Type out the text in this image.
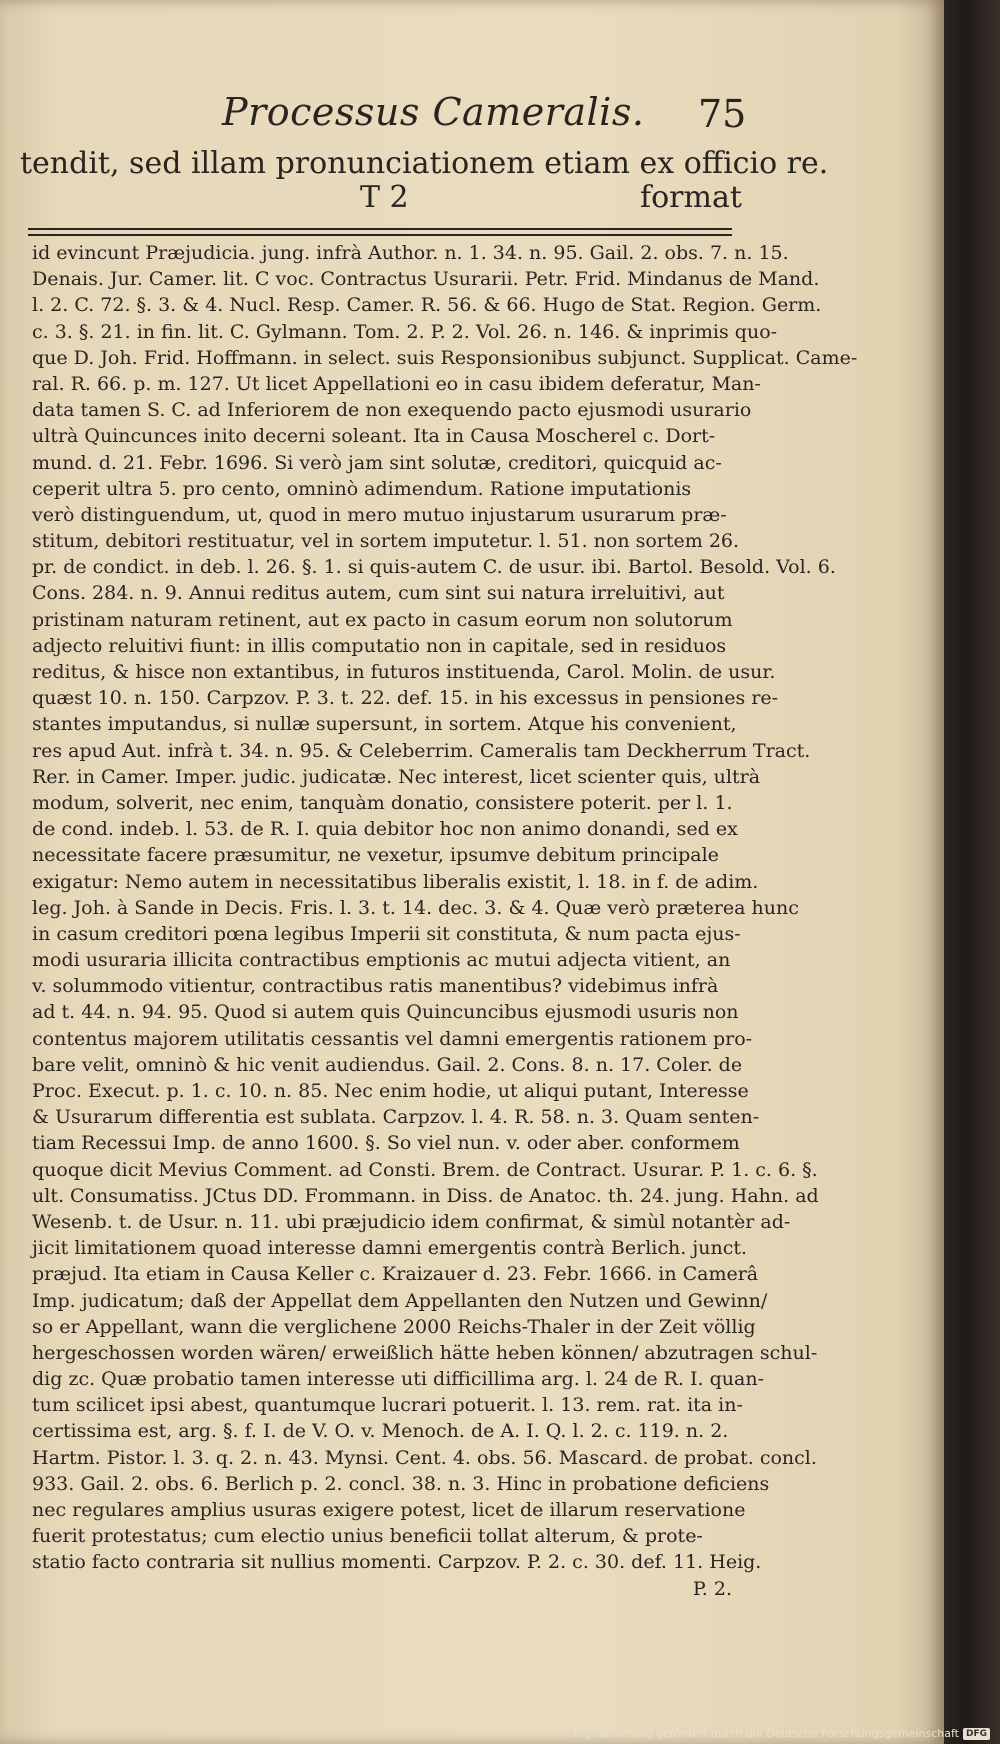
Processus Cameralis. 75
tendit, sed illam pronunciationem etiam ex officio re.
T 2	format
id evincunt Præjudicia. jung. infrà Author. n. 1. 34. n. 95. Gail. 2. obs. 7. n. 15.
Denais. Jur. Camer. lit. C voc. Contractus Usurarii. Petr. Frid. Mindanus de Mand.
l. 2. C. 72. §. 3. & 4. Nucl. Resp. Camer. R. 56. & 66. Hugo de Stat. Region. Germ.
c. 3. §. 21. in fin. lit. C. Gylmann. Tom. 2. P. 2. Vol. 26. n. 146. & inprimis quo-
que D. Joh. Frid. Hoffmann. in select. suis Responsionibus subjunct. Supplicat. Came-
ral. R. 66. p. m. 127. Ut licet Appellationi eo in casu ibidem deferatur, Man-
data tamen S. C. ad Inferiorem de non exequendo pacto ejusmodi usurario
ultrà Quincunces inito decerni soleant. Ita in Causa Moscherel c. Dort-
mund. d. 21. Febr. 1696. Si verò jam sint solutæ, creditori, quicquid ac-
ceperit ultra 5. pro cento, omninò adimendum. Ratione imputationis
verò distinguendum, ut, quod in mero mutuo injustarum usurarum præ-
stitum, debitori restituatur, vel in sortem imputetur. l. 51. non sortem 26.
pr. de condict. in deb. l. 26. §. 1. si quis-autem C. de usur. ibi. Bartol. Besold. Vol. 6.
Cons. 284. n. 9. Annui reditus autem, cum sint sui natura irreluitivi, aut
pristinam naturam retinent, aut ex pacto in casum eorum non solutorum
adjecto reluitivi fiunt: in illis computatio non in capitale, sed in residuos
reditus, & hisce non extantibus, in futuros instituenda, Carol. Molin. de usur.
quæst 10. n. 150. Carpzov. P. 3. t. 22. def. 15. in his excessus in pensiones re-
stantes imputandus, si nullæ supersunt, in sortem. Atque his convenient,
res apud Aut. infrà t. 34. n. 95. & Celeberrim. Cameralis tam Deckherrum Tract.
Rer. in Camer. Imper. judic. judicatæ. Nec interest, licet scienter quis, ultrà
modum, solverit, nec enim, tanquàm donatio, consistere poterit. per l. 1.
de cond. indeb. l. 53. de R. I. quia debitor hoc non animo donandi, sed ex
necessitate facere præsumitur, ne vexetur, ipsumve debitum principale
exigatur: Nemo autem in necessitatibus liberalis existit, l. 18. in f. de adim.
leg. Joh. à Sande in Decis. Fris. l. 3. t. 14. dec. 3. & 4. Quæ verò præterea hunc
in casum creditori pœna legibus Imperii sit constituta, & num pacta ejus-
modi usuraria illicita contractibus emptionis ac mutui adjecta vitient, an
v. solummodo vitientur, contractibus ratis manentibus? videbimus infrà
ad t. 44. n. 94. 95. Quod si autem quis Quincuncibus ejusmodi usuris non
contentus majorem utilitatis cessantis vel damni emergentis rationem pro-
bare velit, omninò & hic venit audiendus. Gail. 2. Cons. 8. n. 17. Coler. de
Proc. Execut. p. 1. c. 10. n. 85. Nec enim hodie, ut aliqui putant, Interesse
& Usurarum differentia est sublata. Carpzov. l. 4. R. 58. n. 3. Quam senten-
tiam Recessui Imp. de anno 1600. §. So viel nun. v. oder aber. conformem
quoque dicit Mevius Comment. ad Consti. Brem. de Contract. Usurar. P. 1. c. 6. §.
ult. Consumatiss. JCtus DD. Frommann. in Diss. de Anatoc. th. 24. jung. Hahn. ad
Wesenb. t. de Usur. n. 11. ubi præjudicio idem confirmat, & simùl notantèr ad-
jicit limitationem quoad interesse damni emergentis contrà Berlich. junct.
præjud. Ita etiam in Causa Keller c. Kraizauer d. 23. Febr. 1666. in Camerâ
Imp. judicatum; daß der Appellat dem Appellanten den Nutzen und Gewinn/
so er Appellant, wann die verglichene 2000 Reichs-Thaler in der Zeit völlig
hergeschossen worden wären/ erweißlich hätte heben können/ abzutragen schul-
dig zc. Quæ probatio tamen interesse uti difficillima arg. l. 24 de R. I. quan-
tum scilicet ipsi abest, quantumque lucrari potuerit. l. 13. rem. rat. ita in-
certissima est, arg. §. f. I. de V. O. v. Menoch. de A. I. Q. l. 2. c. 119. n. 2.
Hartm. Pistor. l. 3. q. 2. n. 43. Mynsi. Cent. 4. obs. 56. Mascard. de probat. concl.
933. Gail. 2. obs. 6. Berlich p. 2. concl. 38. n. 3. Hinc in probatione deficiens
nec regulares amplius usuras exigere potest, licet de illarum reservatione
fuerit protestatus; cum electio unius beneficii tollat alterum, & prote-
statio facto contraria sit nullius momenti. Carpzov. P. 2. c. 30. def. 11. Heig.
P. 2.
Digitalisierung gefördert durch die Deutsche Forschungsgemeinschaft DFG
